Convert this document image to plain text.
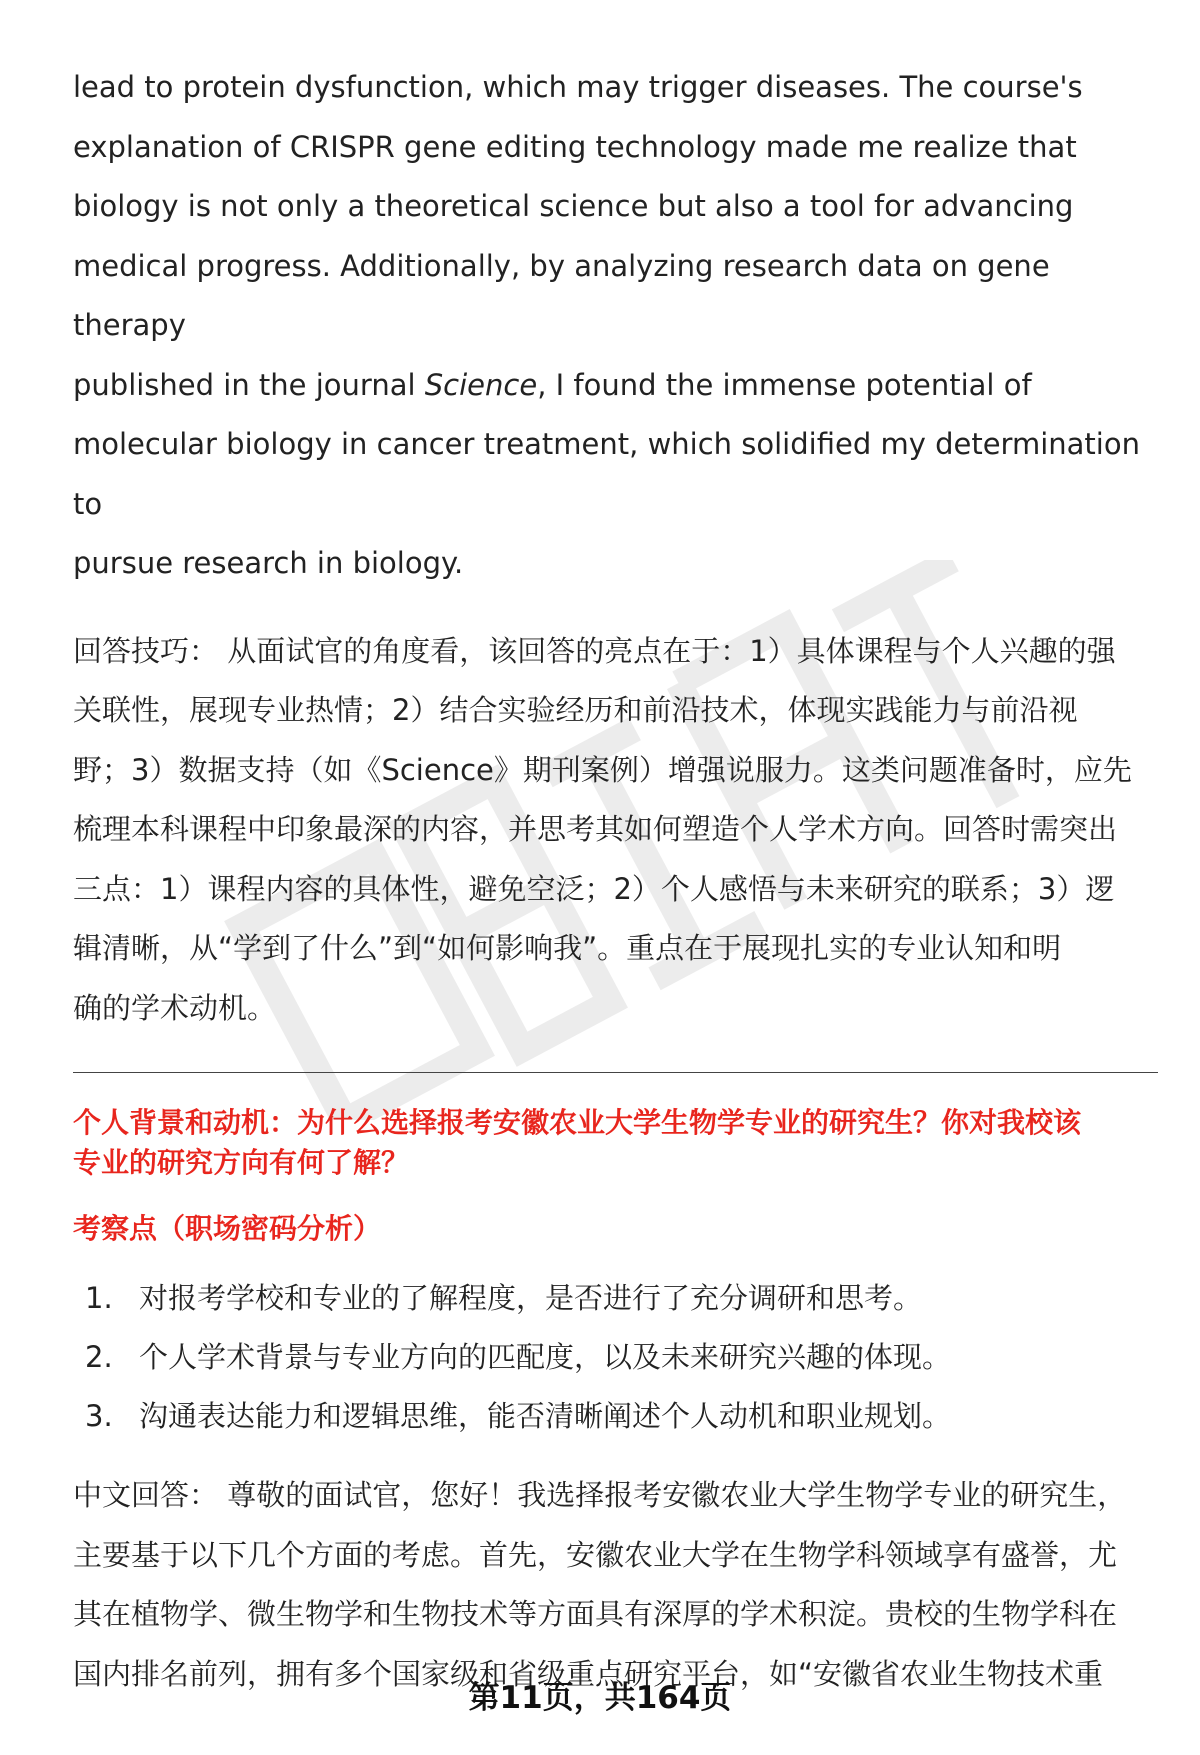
lead to protein dysfunction, which may trigger diseases. The course's

explanation of CRISPR gene editing technology made me realize that

biology is not only a theoretical science but also a tool for advancing

medical progress. Additionally, by analyzing research data on gene therapy

published in the journal Science, I found the immense potential of

molecular biology in cancer treatment, which solidified my determination to

pursue research in biology.

回答技巧： 从面试官的角度看，该回答的亮点在于：1）具体课程与个人兴趣的强

关联性，展现专业热情；2）结合实验经历和前沿技术，体现实践能力与前沿视

野；3）数据支持（如《Science》期刊案例）增强说服力。这类问题准备时，应先

梳理本科课程中印象最深的内容，并思考其如何塑造个人学术方向。回答时需突出

三点：1）课程内容的具体性，避免空泛；2）个人感悟与未来研究的联系；3）逻

辑清晰，从“学到了什么”到“如何影响我”。重点在于展现扎实的专业认知和明

确的学术动机。

个人背景和动机：为什么选择报考安徽农业大学生物学专业的研究生？你对我校该

专业的研究方向有何了解？

考察点（职场密码分析）

1. 对报考学校和专业的了解程度，是否进行了充分调研和思考。
2. 个人学术背景与专业方向的匹配度，以及未来研究兴趣的体现。
3. 沟通表达能力和逻辑思维，能否清晰阐述个人动机和职业规划。

中文回答： 尊敬的面试官，您好！我选择报考安徽农业大学生物学专业的研究生，

主要基于以下几个方面的考虑。首先，安徽农业大学在生物学科领域享有盛誉，尤

其在植物学、微生物学和生物技术等方面具有深厚的学术积淀。贵校的生物学科在

国内排名前列，拥有多个国家级和省级重点研究平台，如“安徽省农业生物技术重

第11页，共164页
